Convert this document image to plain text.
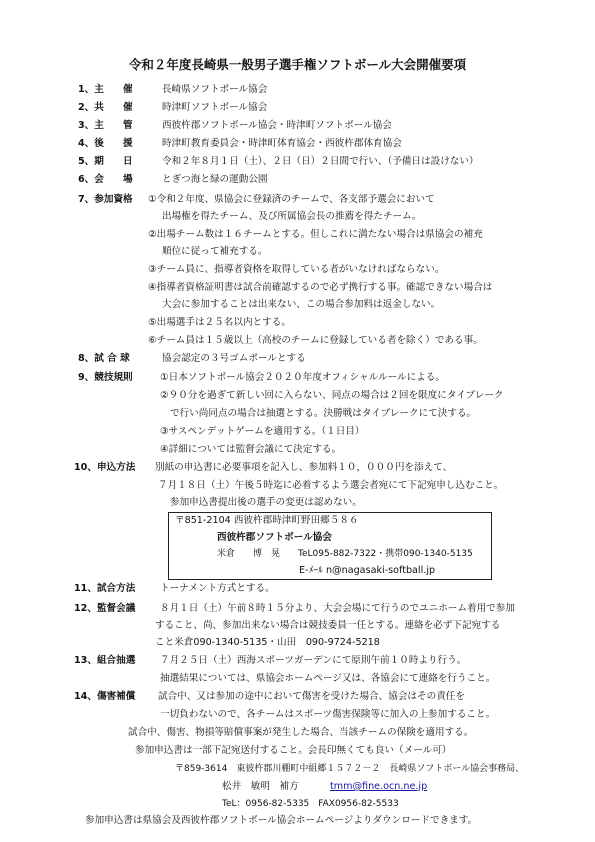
令和２年度長崎県一般男子選手権ソフトボール大会開催要項
1、主　　催	長崎県ソフトボール協会
2、共　　催	時津町ソフトボール協会
3、主　　管	西彼杵郡ソフトボール協会・時津町ソフトボール協会
4、後　　援	時津町教育委員会・時津町体育協会・西彼杵郡体育協会
5、期　　日	令和２年８月１日（土）、２日（日）２日間で行い、（予備日は設けない）
6、会　　場	とぎつ海と緑の運動公園
7、参加資格 ①令和２年度、県協会に登録済のチームで、各支部予選会において
出場権を得たチーム、及び所属協会長の推薦を得たチーム。
②出場チーム数は１６チームとする。但しこれに満たない場合は県協会の補充
順位に従って補充する。
③チーム員に、指導者資格を取得している者がいなければならない。
④指導者資格証明書は試合前確認するので必ず携行する事。確認できない場合は
大会に参加することは出来ない、この場合参加料は返金しない。
⑤出場選手は２５名以内とする。
⑥チーム員は１５歳以上（高校のチームに登録している者を除く）である事。
8、試 合 球	協会認定の３号ゴムボールとする
9、競技規則	①日本ソフトボール協会２０２０年度オフィシャルルールによる。
②９０分を過ぎて新しい回に入らない、同点の場合は２回を限度にタイブレーク
で行い尚同点の場合は抽選とする。決勝戦はタイブレークにて決する。
③サスペンデットゲームを適用する。（１日目）
④詳細については監督会議にて決定する。
10、申込方法 別紙の申込書に必要事項を記入し、参加料１０，０００円を添えて、
７月１８日（土）午後５時迄に必着するよう選会者宛にて下記宛申し込むこと。
参加申込書提出後の選手の変更は認めない。
〒851-2104 西彼杵郡時津町野田郷５８６
西彼杵郡ソフトボール協会
米倉　　博　晃　　TeL095-882-7322・携帯090-1340-5135
E-ﾒｰﾙ n@nagasaki-softball.jp
11、試合方法	トーナメント方式とする。
12、監督会議	８月１日（土）午前８時１５分より、大会会場にて行うのでユニホーム着用で参加
すること、尚、参加出来ない場合は競技委員一任とする。連絡を必ず下記宛する
こと米倉090-1340-5135・山田　090-9724-5218
13、組合抽選	７月２５日（土）西海スポーツガーデンにて原則午前１０時より行う。
抽選結果については、県協会ホームページ又は、各協会にて連絡を行うこと。
14、傷害補償 試合中、又は参加の途中において傷害を受けた場合、協会はその責任を
一切負わないので、各チームはスポーツ傷害保険等に加入の上参加すること。
試合中、傷害、物損等賠償事案が発生した場合、当該チームの保険を適用する。
参加申込書は一部下記宛送付すること。会長印無くても良い（メール可）
〒859-3614　東彼杵郡川棚町中組郷１５７２－２　長崎県ソフトボール協会事務局、
松井　敏明　補方	tmm@fine.ocn.ne.jp
TeL：0956-82-5335　FAX0956-82-5533
参加申込書は県協会及西彼杵郡ソフトボール協会ホームページよりダウンロードできます。
